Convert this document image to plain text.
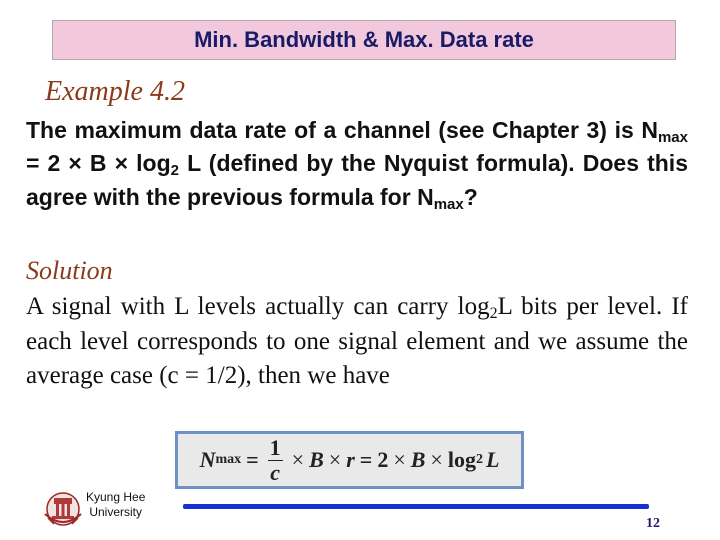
Min. Bandwidth & Max. Data rate
Example 4.2
The maximum data rate of a channel (see Chapter 3) is $N_{max} = 2 \times B \times \log_2 L$ (defined by the Nyquist formula). Does this agree with the previous formula for $N_{max}$?
Solution
A signal with L levels actually can carry $\log_2L$ bits per level. If each level corresponds to one signal element and we assume the average case (c = 1/2), then we have
N $\max = \frac{1}{c} \times B \times r = 2 \times B \times \log 2$ L
Kyung Hee
University
12
